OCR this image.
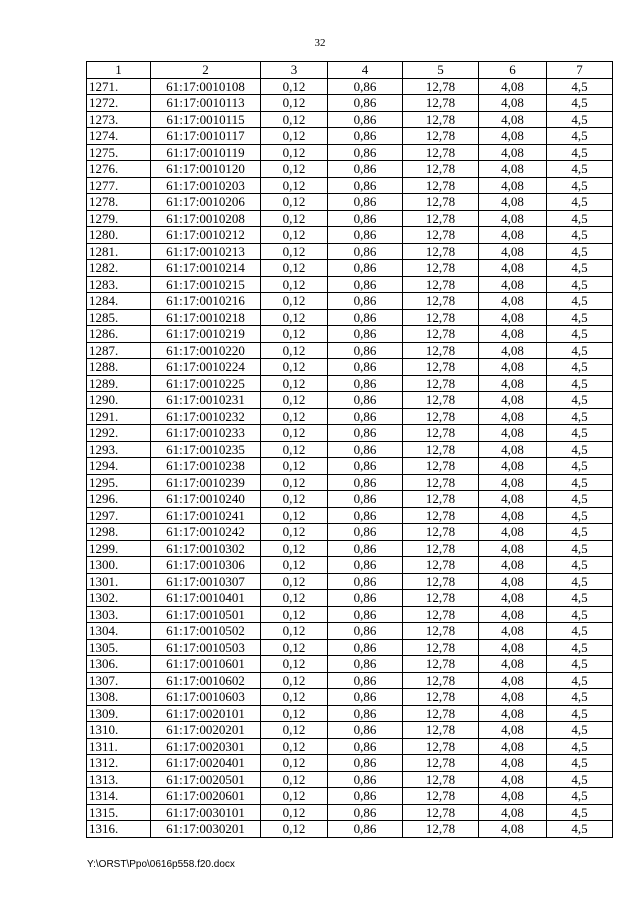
32
1	2	3	4	5	6	7
1271.	61:17:0010108	0,12	0,86	12,78	4,08	4,5
1272.	61:17:0010113	0,12	0,86	12,78	4,08	4,5
1273.	61:17:0010115	0,12	0,86	12,78	4,08	4,5
1274.	61:17:0010117	0,12	0,86	12,78	4,08	4,5
1275.	61:17:0010119	0,12	0,86	12,78	4,08	4,5
1276.	61:17:0010120	0,12	0,86	12,78	4,08	4,5
1277.	61:17:0010203	0,12	0,86	12,78	4,08	4,5
1278.	61:17:0010206	0,12	0,86	12,78	4,08	4,5
1279.	61:17:0010208	0,12	0,86	12,78	4,08	4,5
1280.	61:17:0010212	0,12	0,86	12,78	4,08	4,5
1281.	61:17:0010213	0,12	0,86	12,78	4,08	4,5
1282.	61:17:0010214	0,12	0,86	12,78	4,08	4,5
1283.	61:17:0010215	0,12	0,86	12,78	4,08	4,5
1284.	61:17:0010216	0,12	0,86	12,78	4,08	4,5
1285.	61:17:0010218	0,12	0,86	12,78	4,08	4,5
1286.	61:17:0010219	0,12	0,86	12,78	4,08	4,5
1287.	61:17:0010220	0,12	0,86	12,78	4,08	4,5
1288.	61:17:0010224	0,12	0,86	12,78	4,08	4,5
1289.	61:17:0010225	0,12	0,86	12,78	4,08	4,5
1290.	61:17:0010231	0,12	0,86	12,78	4,08	4,5
1291.	61:17:0010232	0,12	0,86	12,78	4,08	4,5
1292.	61:17:0010233	0,12	0,86	12,78	4,08	4,5
1293.	61:17:0010235	0,12	0,86	12,78	4,08	4,5
1294.	61:17:0010238	0,12	0,86	12,78	4,08	4,5
1295.	61:17:0010239	0,12	0,86	12,78	4,08	4,5
1296.	61:17:0010240	0,12	0,86	12,78	4,08	4,5
1297.	61:17:0010241	0,12	0,86	12,78	4,08	4,5
1298.	61:17:0010242	0,12	0,86	12,78	4,08	4,5
1299.	61:17:0010302	0,12	0,86	12,78	4,08	4,5
1300.	61:17:0010306	0,12	0,86	12,78	4,08	4,5
1301.	61:17:0010307	0,12	0,86	12,78	4,08	4,5
1302.	61:17:0010401	0,12	0,86	12,78	4,08	4,5
1303.	61:17:0010501	0,12	0,86	12,78	4,08	4,5
1304.	61:17:0010502	0,12	0,86	12,78	4,08	4,5
1305.	61:17:0010503	0,12	0,86	12,78	4,08	4,5
1306.	61:17:0010601	0,12	0,86	12,78	4,08	4,5
1307.	61:17:0010602	0,12	0,86	12,78	4,08	4,5
1308.	61:17:0010603	0,12	0,86	12,78	4,08	4,5
1309.	61:17:0020101	0,12	0,86	12,78	4,08	4,5
1310.	61:17:0020201	0,12	0,86	12,78	4,08	4,5
1311.	61:17:0020301	0,12	0,86	12,78	4,08	4,5
1312.	61:17:0020401	0,12	0,86	12,78	4,08	4,5
1313.	61:17:0020501	0,12	0,86	12,78	4,08	4,5
1314.	61:17:0020601	0,12	0,86	12,78	4,08	4,5
1315.	61:17:0030101	0,12	0,86	12,78	4,08	4,5
1316.	61:17:0030201	0,12	0,86	12,78	4,08	4,5
Y:\ORST\Ppo\0616p558.f20.docx
